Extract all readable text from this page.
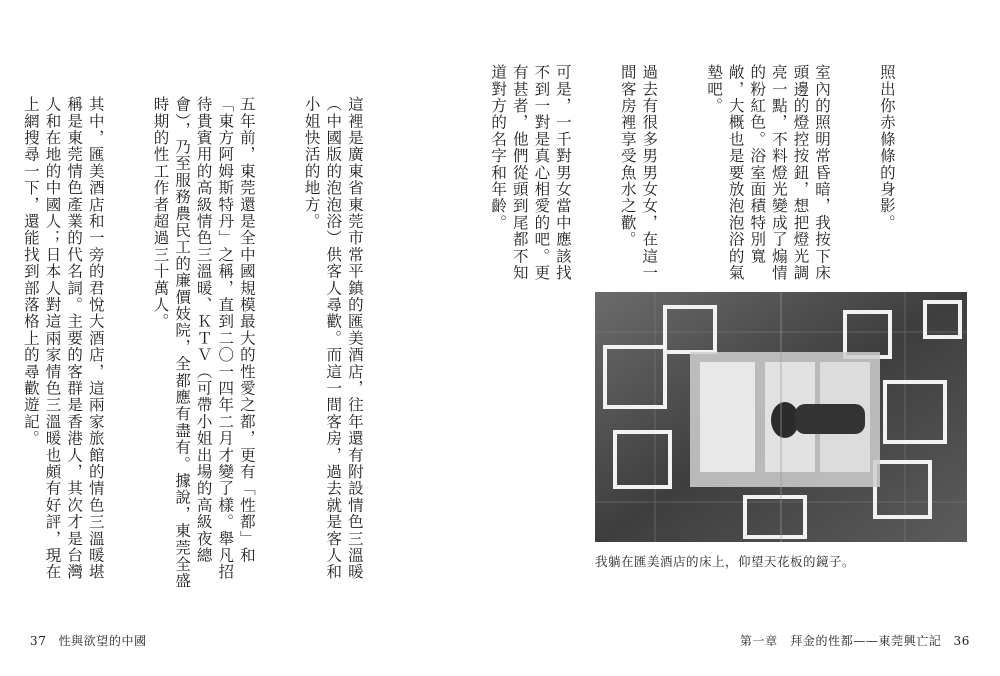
這裡是廣東省東莞市常平鎮的匯美酒店，往年還有附設情色三溫暖（中國版的泡泡浴）供客人尋歡。而這一間客房，過去就是客人和小姐快活的地方。

五年前，東莞還是全中國規模最大的性愛之都，更有「性都」和「東方阿姆斯特丹」之稱，直到二〇一四年二月才變了樣。舉凡招待貴賓用的高級情色三溫暖、ＫＴＶ（可帶小姐出場的高級夜總會），乃至服務農民工的廉價妓院，全都應有盡有。據說，東莞全盛時期的性工作者超過三十萬人。

其中，匯美酒店和一旁的君悅大酒店，這兩家旅館的情色三溫暖堪稱是東莞情色產業的代名詞。主要的客群是香港人，其次才是台灣人和在地的中國人；日本人對這兩家情色三溫暖也頗有好評，現在上網搜尋一下，還能找到部落格上的尋歡遊記。

37 性與欲望的中國

照出你赤條條的身影。

室內的照明常昏暗，我按下床頭邊的燈控按鈕，想把燈光調亮一點，不料燈光變成了煽情的粉紅色。浴室面積特別寬敞，大概也是要放泡泡浴的氣墊吧。

過去有很多男男女女，在這一間客房裡享受魚水之歡。

可是，一千對男女當中應該找不到一對是真心相愛的吧。更有甚者，他們從頭到尾都不知道對方的名字和年齡。

我躺在匯美酒店的床上，仰望天花板的鏡子。
第一章　拜金的性都——東莞興亡記 36
